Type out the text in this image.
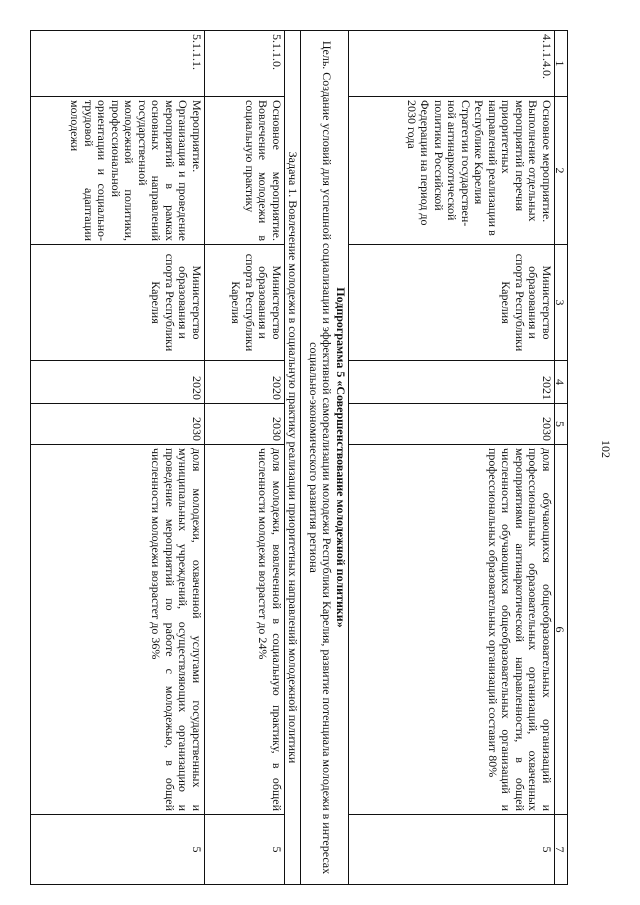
102
1
2
3
4
5
6
7
4.1.1.4.0.
Основное мероприятие. Выполнение отдельных мероприятий перечня приоритетных направлений реализации в Республике Карелия Стратегии государствен-ной антинаркотической политики Российской Федерации на период до 2030 года
Министерство образования и спорта Республики Карелия
2021
2030
доля обучающихся общеобразовательных организаций и профессиональных образовательных организаций, охваченных мероприятиями антинаркотической направленности, в общей численности обучающихся общеобразовательных организаций и профессиональных образовательных организаций составит 80%
5
Подпрограмма 5 «Совершенствование молодежной политики»
Цель. Создание условий для успешной социализации и эффективной самореализации молодежи Республики Карелия, развитие потенциала молодежи в интересах социально-экономического развития региона
Задача 1. Вовлечение молодежи в социальную практику реализации приоритетных направлений молодежной политики
5.1.1.0.
Основное мероприятие. Вовлечение молодежи в социальную практику
Министерство образования и спорта Республики Карелия
2020
2030
доля молодежи, вовлеченной в социальную практику, в общей численности молодежи возрастет до 24%
5
5.1.1.1.
Мероприятие. Организация и проведение мероприятий в рамках основных направлений государственной молодежной политики, профессиональной ориентации и социально-трудовой адаптации молодежи
Министерство образования и спорта Республики Карелия
2020
2030
доля молодежи, охваченной услугами государственных и муниципальных учреждений, осуществляющих организацию и проведение мероприятий по работе с молодежью, в общей численности молодежи возрастет до 36%
5
